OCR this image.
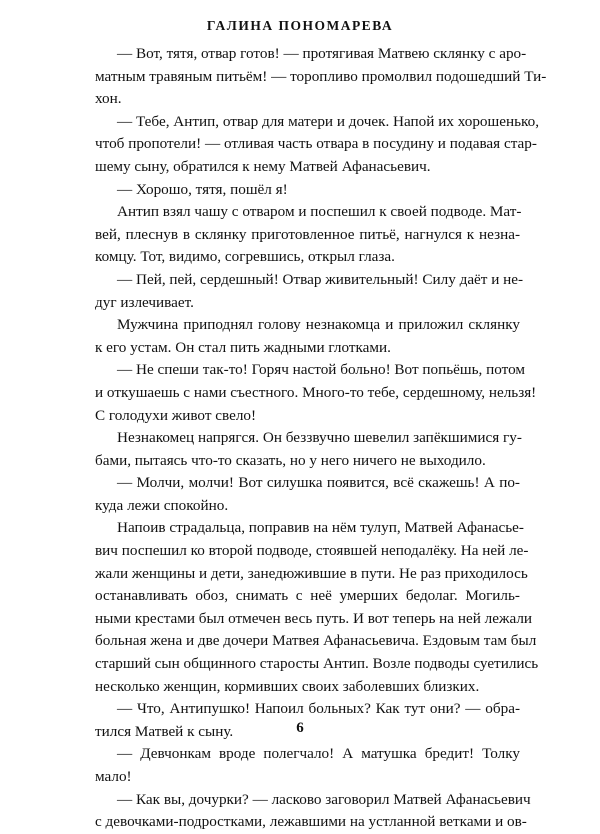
ГАЛИНА ПОНОМАРЕВА
— Вот, тятя, отвар готов! — протягивая Матвею склянку с аро-
матным травяным питьём! — торопливо промолвил подошедший Ти-
хон.
— Тебе, Антип, отвар для матери и дочек. Напой их хорошенько,
чтоб пропотели! — отливая часть отвара в посудину и подавая стар-
шему сыну, обратился к нему Матвей Афанасьевич.
— Хорошо, тятя, пошёл я!
Антип взял чашу с отваром и поспешил к своей подводе. Мат-
вей, плеснув в склянку приготовленное питьё, нагнулся к незна-
комцу. Тот, видимо, согревшись, открыл глаза.
— Пей, пей, сердешный! Отвар живительный! Силу даёт и не-
дуг излечивает.
Мужчина приподнял голову незнакомца и приложил склянку
к его устам. Он стал пить жадными глотками.
— Не спеши так-то! Горяч настой больно! Вот попьёшь, потом
и откушаешь с нами съестного. Много-то тебе, сердешному, нельзя!
С голодухи живот свело!
Незнакомец напрягся. Он беззвучно шевелил запёкшимися гу-
бами, пытаясь что-то сказать, но у него ничего не выходило.
— Молчи, молчи! Вот силушка появится, всё скажешь! А по-
куда лежи спокойно.
Напоив страдальца, поправив на нём тулуп, Матвей Афанасье-
вич поспешил ко второй подводе, стоявшей неподалёку. На ней ле-
жали женщины и дети, занедюжившие в пути. Не раз приходилось
останавливать обоз, снимать с неё умерших бедолаг. Могиль-
ными крестами был отмечен весь путь. И вот теперь на ней лежали
больная жена и две дочери Матвея Афанасьевича. Ездовым там был
старший сын общинного старосты Антип. Возле подводы суетились
несколько женщин, кормивших своих заболевших близких.
— Что, Антипушко! Напоил больных? Как тут они? — обра-
тился Матвей к сыну.
— Девчонкам вроде полегчало! А матушка бредит! Толку
мало!
— Как вы, дочурки? — ласково заговорил Матвей Афанасьевич
с девочками-подростками, лежавшими на устланной ветками и ов-
6
